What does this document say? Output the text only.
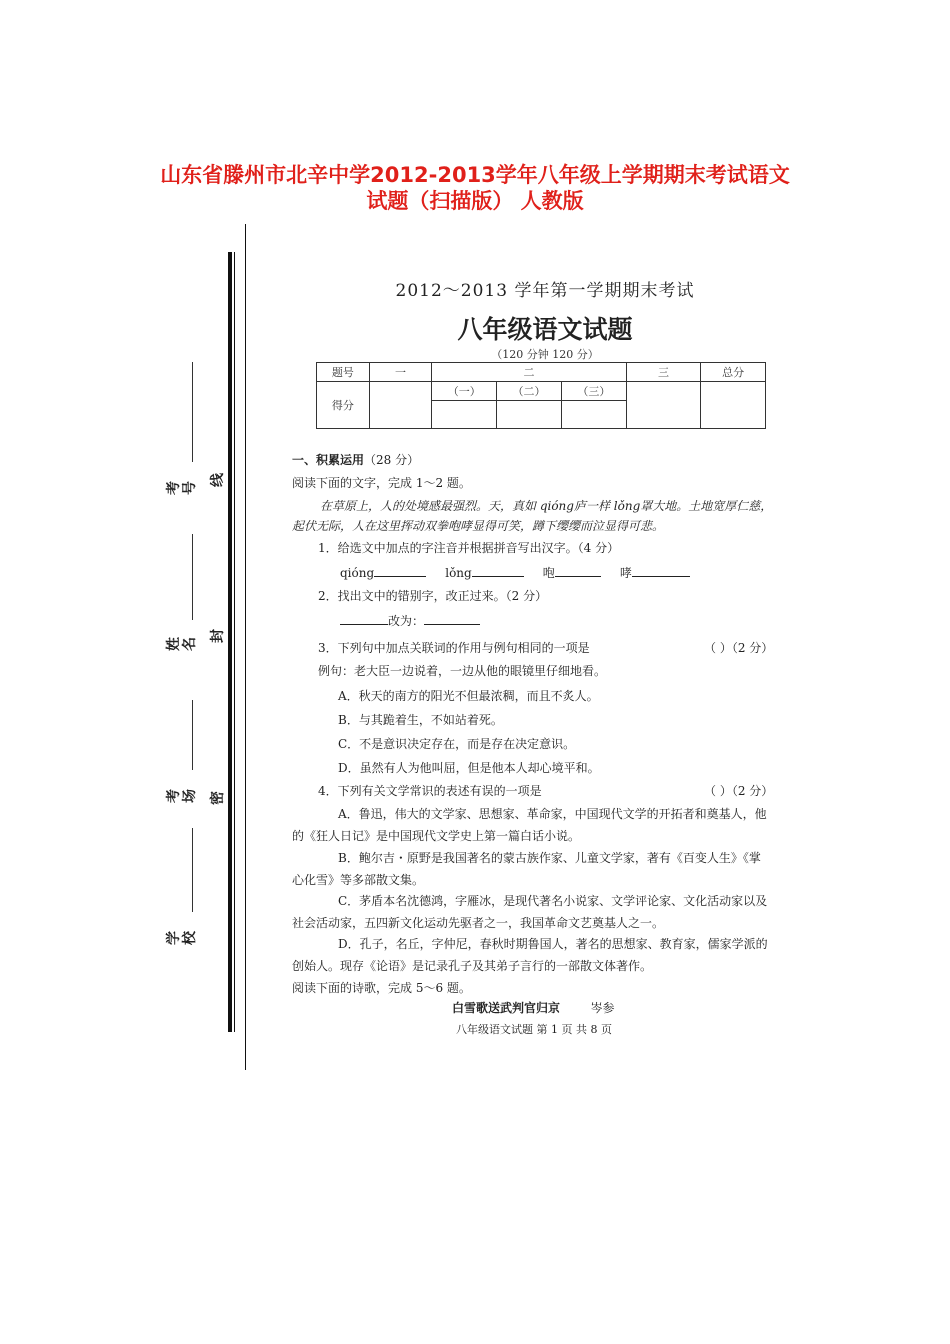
山东省滕州市北辛中学2012-2013学年八年级上学期期末考试语文
试题（扫描版） 人教版
考号
线
姓名
封
考场 密
学校
2012～2013 学年第一学期期末考试
八年级语文试题
（120 分钟 120 分）
题号	一	二			三	总分
得分		（一）	（二）	（三）		

一、积累运用（28 分）
阅读下面的文字，完成 1～2 题。
在草原上，人的处境感最强烈。天，真如 qióng庐一样 lǒng罩大地。土地宽厚仁慈，
起伏无际，人在这里挥动双拳咆哮显得可笑，蹲下缨缨而泣显得可悲。
1．给选文中加点的字注音并根据拼音写出汉字。（4 分）
qióng	lǒng	咆	哮
2．找出文中的错别字，改正过来。（2 分）
改为：
3．下列句中加点关联词的作用与例句相同的一项是	（ ）（2 分）
例句：老大臣一边说着，一边从他的眼镜里仔细地看。
A．秋天的南方的阳光不但最浓稠，而且不炙人。
B．与其跪着生，不如站着死。
C．不是意识决定存在，而是存在决定意识。
D．虽然有人为他叫屈，但是他本人却心境平和。
4．下列有关文学常识的表述有误的一项是	（ ）（2 分）
A．鲁迅，伟大的文学家、思想家、革命家，中国现代文学的开拓者和奠基人，他
的《狂人日记》是中国现代文学史上第一篇白话小说。
B．鲍尔吉・原野是我国著名的蒙古族作家、儿童文学家，著有《百变人生》《掌
心化雪》等多部散文集。
C．茅盾本名沈德鸿，字雁冰，是现代著名小说家、文学评论家、文化活动家以及
社会活动家，五四新文化运动先驱者之一，我国革命文艺奠基人之一。
D．孔子，名丘，字仲尼，春秋时期鲁国人，著名的思想家、教育家，儒家学派的
创始人。现存《论语》是记录孔子及其弟子言行的一部散文体著作。
阅读下面的诗歌，完成 5～6 题。
白雪歌送武判官归京	岑参
八年级语文试题 第 1 页 共 8 页
